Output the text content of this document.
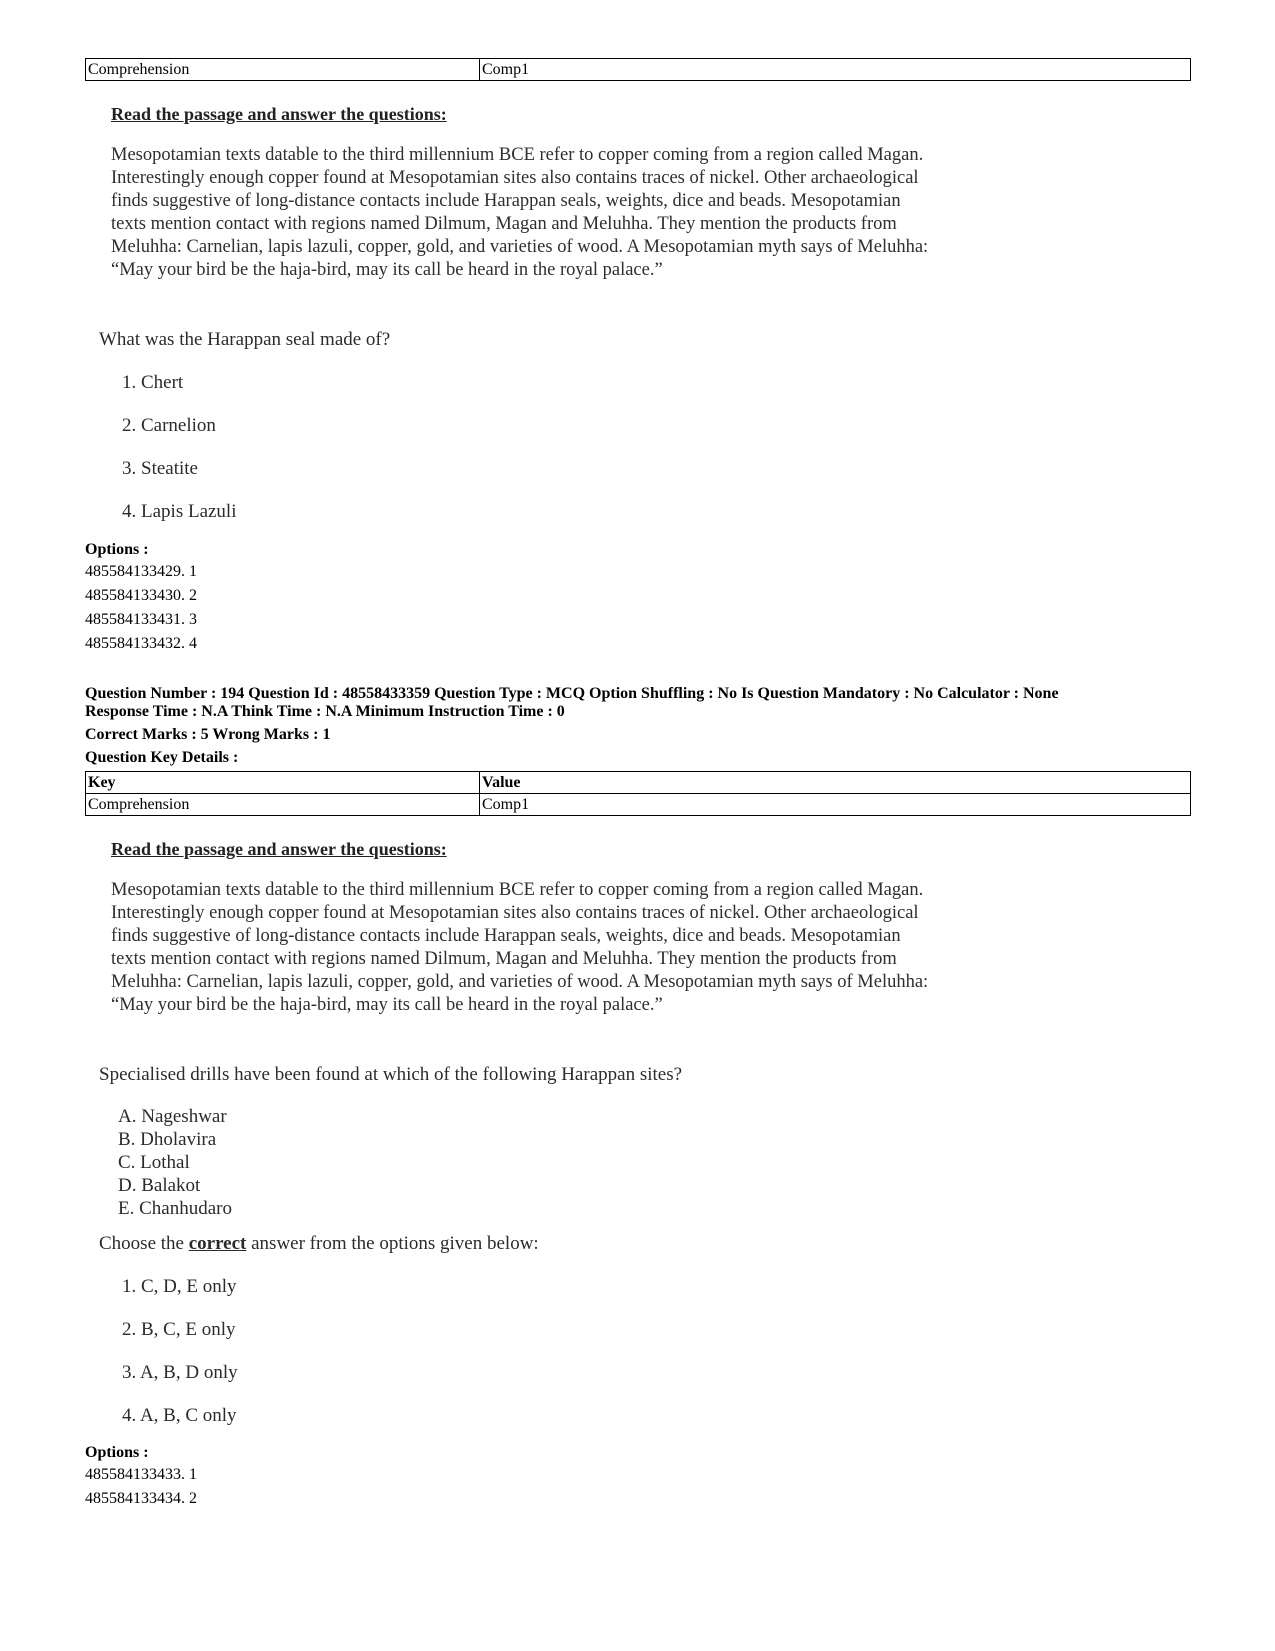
Comprehension	Comp1
Read the passage and answer the questions:
Mesopotamian texts datable to the third millennium BCE refer to copper coming from a region called Magan.
Interestingly enough copper found at Mesopotamian sites also contains traces of nickel. Other archaeological
finds suggestive of long-distance contacts include Harappan seals, weights, dice and beads. Mesopotamian
texts mention contact with regions named Dilmum, Magan and Meluhha. They mention the products from
Meluhha: Carnelian, lapis lazuli, copper, gold, and varieties of wood. A Mesopotamian myth says of Meluhha:
“May your bird be the haja-bird, may its call be heard in the royal palace.”
What was the Harappan seal made of?
1. Chert
2. Carnelion
3. Steatite
4. Lapis Lazuli
Options :
485584133429. 1
485584133430. 2
485584133431. 3
485584133432. 4
Question Number : 194 Question Id : 48558433359 Question Type : MCQ Option Shuffling : No Is Question Mandatory : No Calculator : None
Response Time : N.A Think Time : N.A Minimum Instruction Time : 0
Correct Marks : 5 Wrong Marks : 1
Question Key Details :
Key	Value
Comprehension	Comp1
Read the passage and answer the questions:
Mesopotamian texts datable to the third millennium BCE refer to copper coming from a region called Magan.
Interestingly enough copper found at Mesopotamian sites also contains traces of nickel. Other archaeological
finds suggestive of long-distance contacts include Harappan seals, weights, dice and beads. Mesopotamian
texts mention contact with regions named Dilmum, Magan and Meluhha. They mention the products from
Meluhha: Carnelian, lapis lazuli, copper, gold, and varieties of wood. A Mesopotamian myth says of Meluhha:
“May your bird be the haja-bird, may its call be heard in the royal palace.”
Specialised drills have been found at which of the following Harappan sites?
A. Nageshwar
B. Dholavira
C. Lothal
D. Balakot
E. Chanhudaro
Choose the correct answer from the options given below:
1. C, D, E only
2. B, C, E only
3. A, B, D only
4. A, B, C only
Options :
485584133433. 1
485584133434. 2
